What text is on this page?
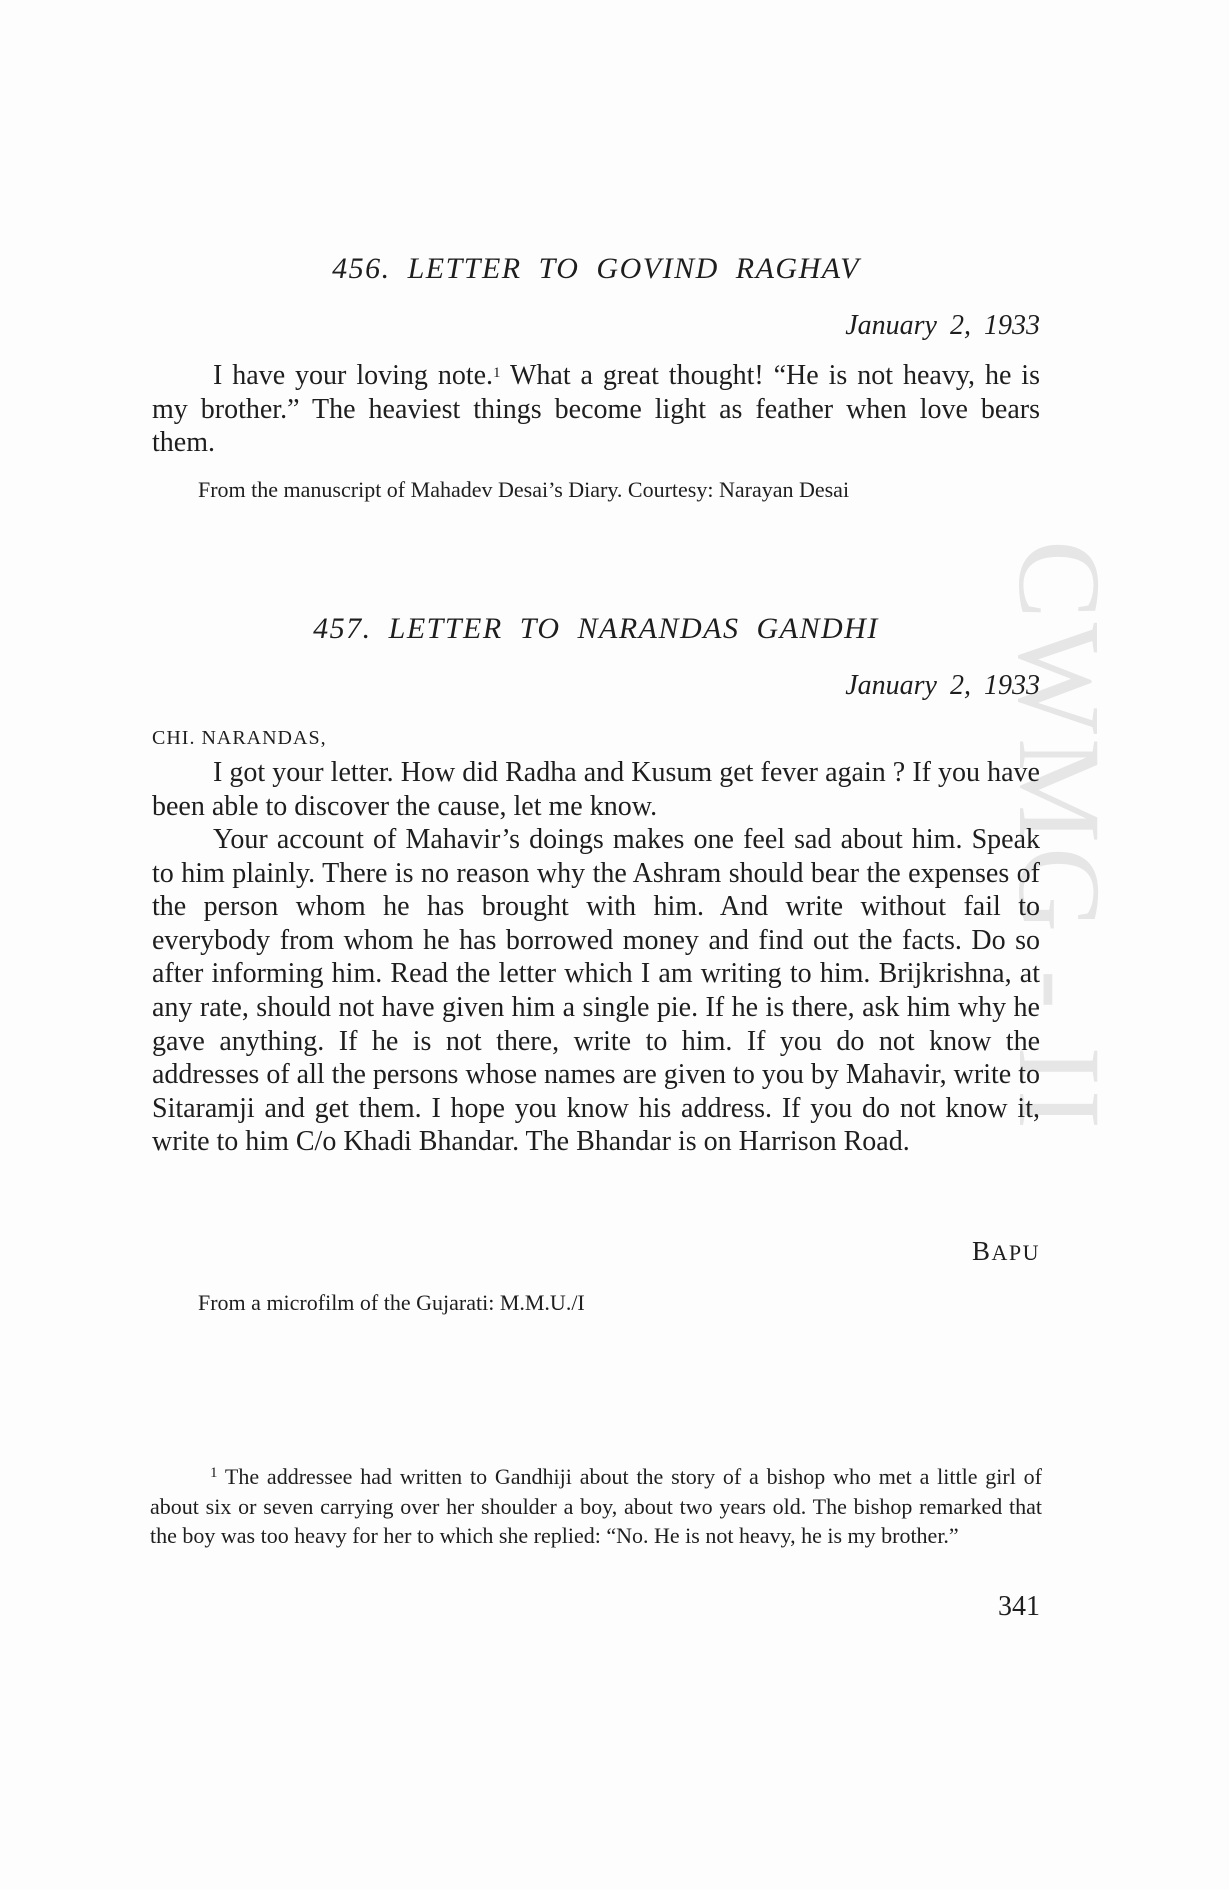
CWMG - II
456. LETTER TO GOVIND RAGHAV
January 2, 1933

I have your loving note.$^1$ What a great thought! “He is not heavy, he is my brother.” The heaviest things become light as feather when love bears them.

From the manuscript of Mahadev Desai’s Diary. Courtesy: Narayan Desai

457. LETTER TO NARANDAS GANDHI
January 2, 1933
CHI. NARANDAS,

I got your letter. How did Radha and Kusum get fever again ? If you have been able to discover the cause, let me know.

Your account of Mahavir’s doings makes one feel sad about him. Speak to him plainly. There is no reason why the Ashram should bear the expenses of the person whom he has brought with him. And write without fail to everybody from whom he has borrowed money and find out the facts. Do so after informing him. Read the letter which I am writing to him. Brijkrishna, at any rate, should not have given him a single pie. If he is there, ask him why he gave anything. If he is not there, write to him. If you do not know the addresses of all the persons whose names are given to you by Mahavir, write to Sitaramji and get them. I hope you know his address. If you do not know it, write to him C/o Khadi Bhandar. The Bhandar is on Harrison Road.

BAPU

From a microfilm of the Gujarati: M.M.U./I

$^1$ The addressee had written to Gandhiji about the story of a bishop who met a little girl of about six or seven carrying over her shoulder a boy, about two years old. The bishop remarked that the boy was too heavy for her to which she replied: “No. He is not heavy, he is my brother.”

341
